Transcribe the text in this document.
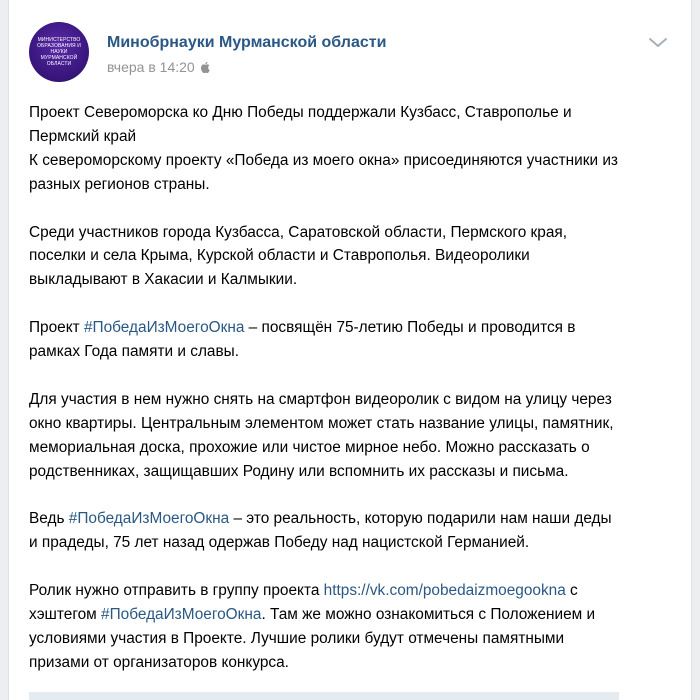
МИНИСТЕРСТВО ОБРАЗОВАНИЯ И НАУКИ МУРМАНСКОЙ ОБЛАСТИ
Минобрнауки Мурманской области
вчера в 14:20
Проект Североморска ко Дню Победы поддержали Кузбасс, Ставрополье и
Пермский край
К североморскому проекту «Победа из моего окна» присоединяются участники из
разных регионов страны.
Среди участников города Кузбасса, Саратовской области, Пермского края,
поселки и села Крыма, Курской области и Ставрополья. Видеоролики
выкладывают в Хакасии и Калмыкии.
Проект #ПобедаИзМоегоОкна – посвящён 75-летию Победы и проводится в
рамках Года памяти и славы.
Для участия в нем нужно снять на смартфон видеоролик с видом на улицу через
окно квартиры. Центральным элементом может стать название улицы, памятник,
мемориальная доска, прохожие или чистое мирное небо. Можно рассказать о
родственниках, защищавших Родину или вспомнить их рассказы и письма.
Ведь #ПобедаИзМоегоОкна – это реальность, которую подарили нам наши деды
и прадеды, 75 лет назад одержав Победу над нацистской Германией.
Ролик нужно отправить в группу проекта https://vk.com/pobedaizmoegookna с
хэштегом #ПобедаИзМоегоОкна. Там же можно ознакомиться с Положением и
условиями участия в Проекте. Лучшие ролики будут отмечены памятными
призами от организаторов конкурса.
